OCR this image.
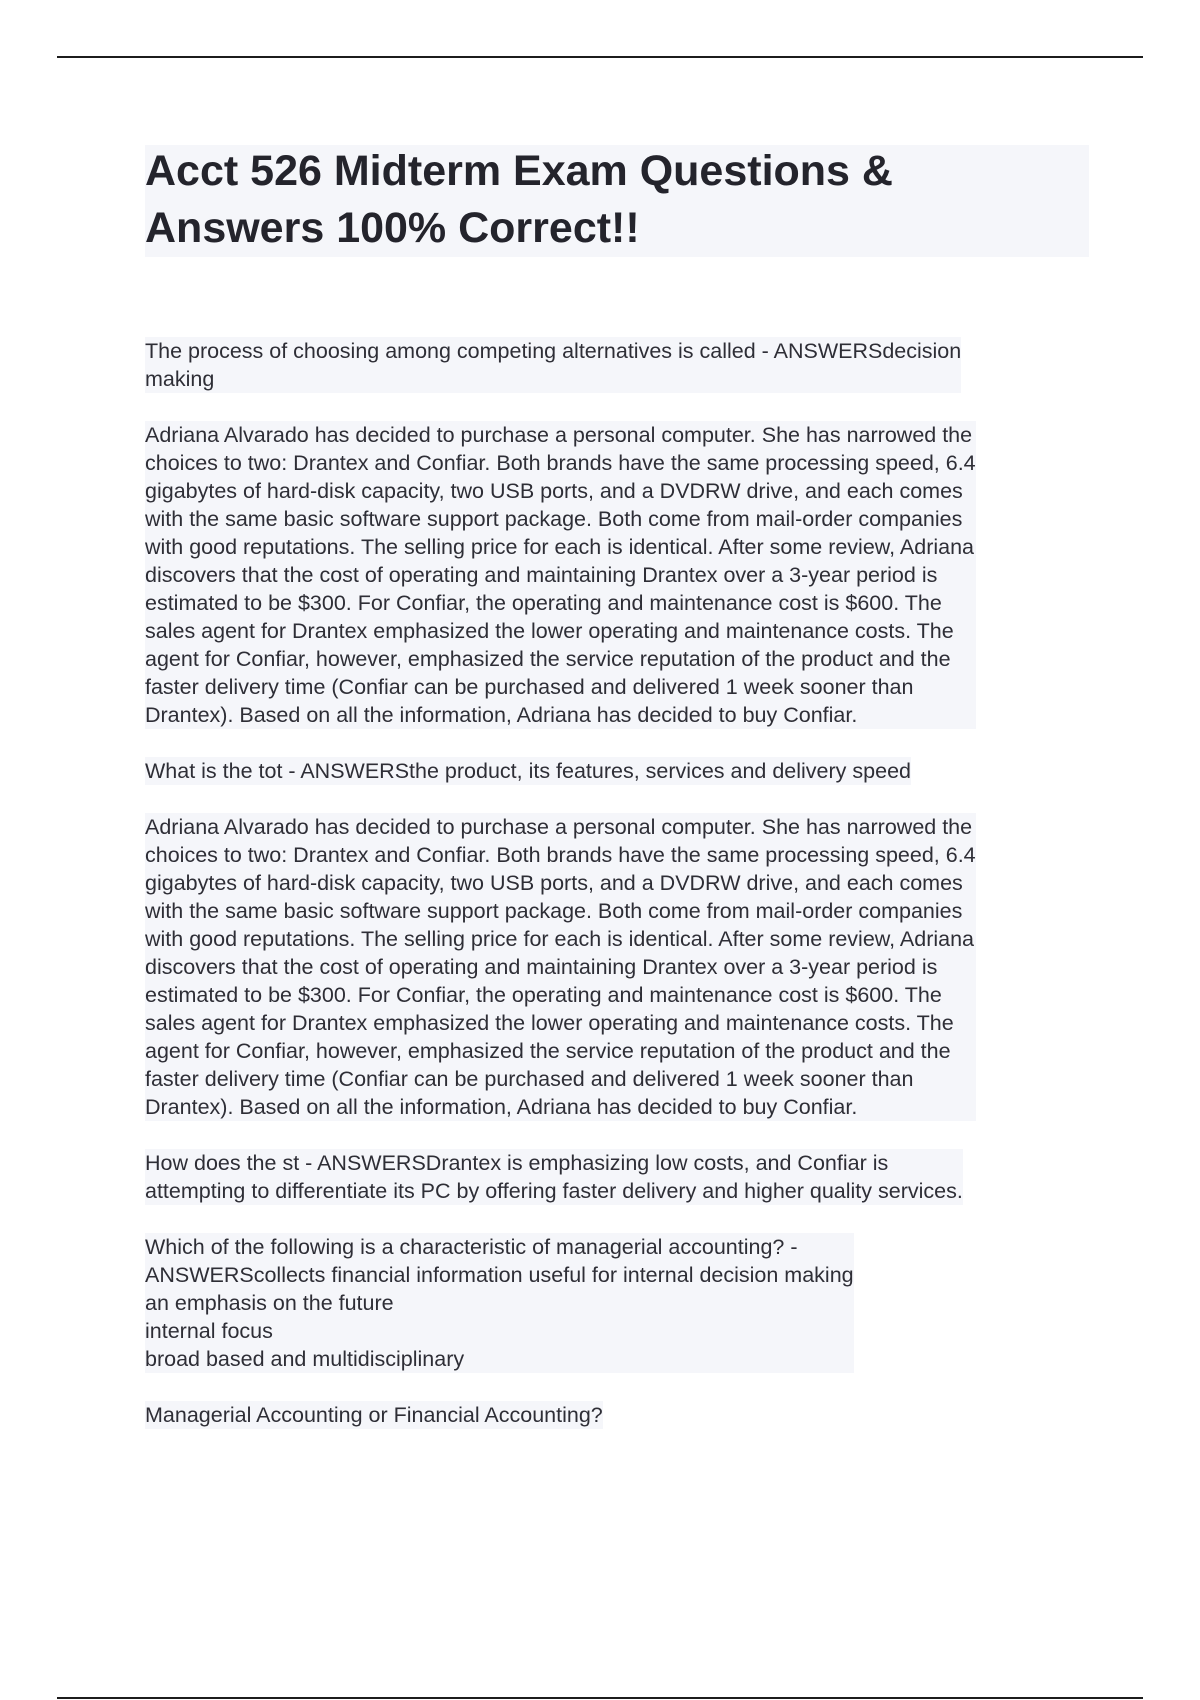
Acct 526 Midterm Exam Questions & Answers 100% Correct!!

The process of choosing among competing alternatives is called - ANSWERSdecision
making

Adriana Alvarado has decided to purchase a personal computer. She has narrowed the
choices to two: Drantex and Confiar. Both brands have the same processing speed, 6.4
gigabytes of hard-disk capacity, two USB ports, and a DVDRW drive, and each comes
with the same basic software support package. Both come from mail-order companies
with good reputations. The selling price for each is identical. After some review, Adriana
discovers that the cost of operating and maintaining Drantex over a 3-year period is
estimated to be $300. For Confiar, the operating and maintenance cost is $600. The
sales agent for Drantex emphasized the lower operating and maintenance costs. The
agent for Confiar, however, emphasized the service reputation of the product and the
faster delivery time (Confiar can be purchased and delivered 1 week sooner than
Drantex). Based on all the information, Adriana has decided to buy Confiar.

What is the tot - ANSWERSthe product, its features, services and delivery speed

Adriana Alvarado has decided to purchase a personal computer. She has narrowed the
choices to two: Drantex and Confiar. Both brands have the same processing speed, 6.4
gigabytes of hard-disk capacity, two USB ports, and a DVDRW drive, and each comes
with the same basic software support package. Both come from mail-order companies
with good reputations. The selling price for each is identical. After some review, Adriana
discovers that the cost of operating and maintaining Drantex over a 3-year period is
estimated to be $300. For Confiar, the operating and maintenance cost is $600. The
sales agent for Drantex emphasized the lower operating and maintenance costs. The
agent for Confiar, however, emphasized the service reputation of the product and the
faster delivery time (Confiar can be purchased and delivered 1 week sooner than
Drantex). Based on all the information, Adriana has decided to buy Confiar.

How does the st - ANSWERSDrantex is emphasizing low costs, and Confiar is
attempting to differentiate its PC by offering faster delivery and higher quality services.

Which of the following is a characteristic of managerial accounting? -
ANSWERScollects financial information useful for internal decision making
an emphasis on the future
internal focus
broad based and multidisciplinary

Managerial Accounting or Financial Accounting?
